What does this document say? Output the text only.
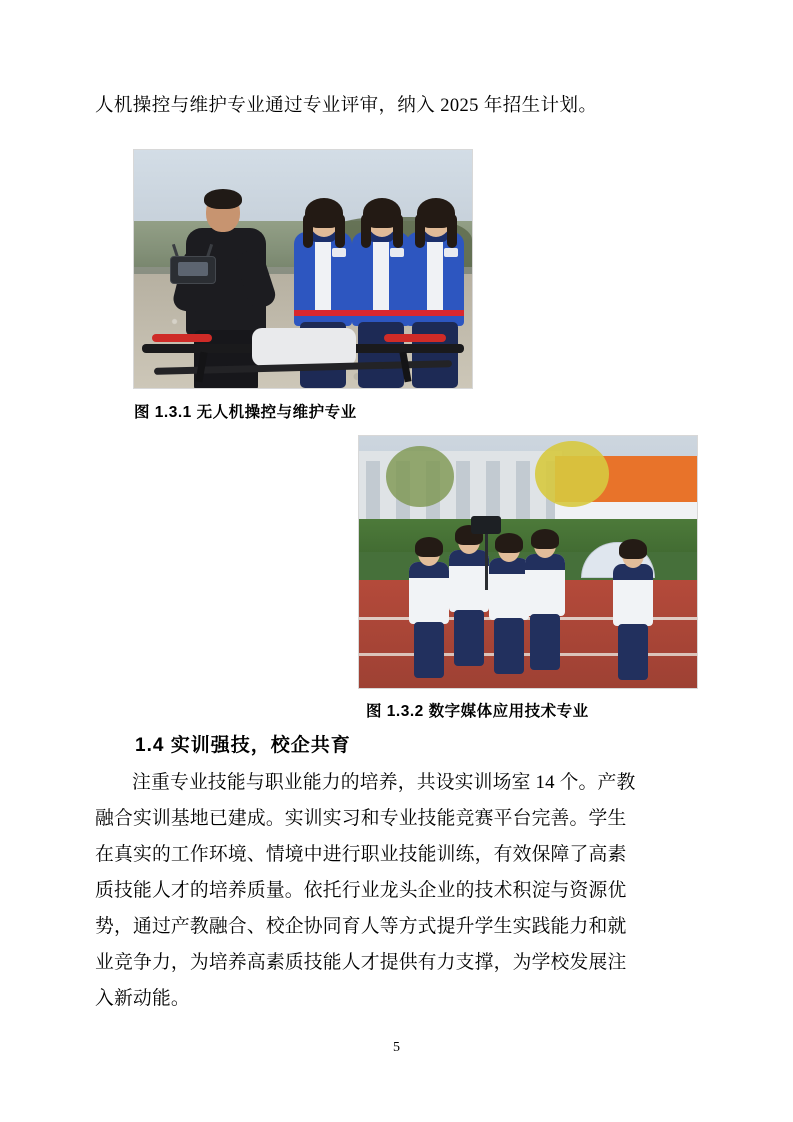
人机操控与维护专业通过专业评审，纳入 2025 年招生计划。
图 1.3.1 无人机操控与维护专业
图 1.3.2 数字媒体应用技术专业
1.4 实训强技，校企共育
注重专业技能与职业能力的培养，共设实训场室 14 个。产教
融合实训基地已建成。实训实习和专业技能竞赛平台完善。学生
在真实的工作环境、情境中进行职业技能训练，有效保障了高素
质技能人才的培养质量。依托行业龙头企业的技术积淀与资源优
势，通过产教融合、校企协同育人等方式提升学生实践能力和就
业竞争力，为培养高素质技能人才提供有力支撑，为学校发展注
入新动能。
5
